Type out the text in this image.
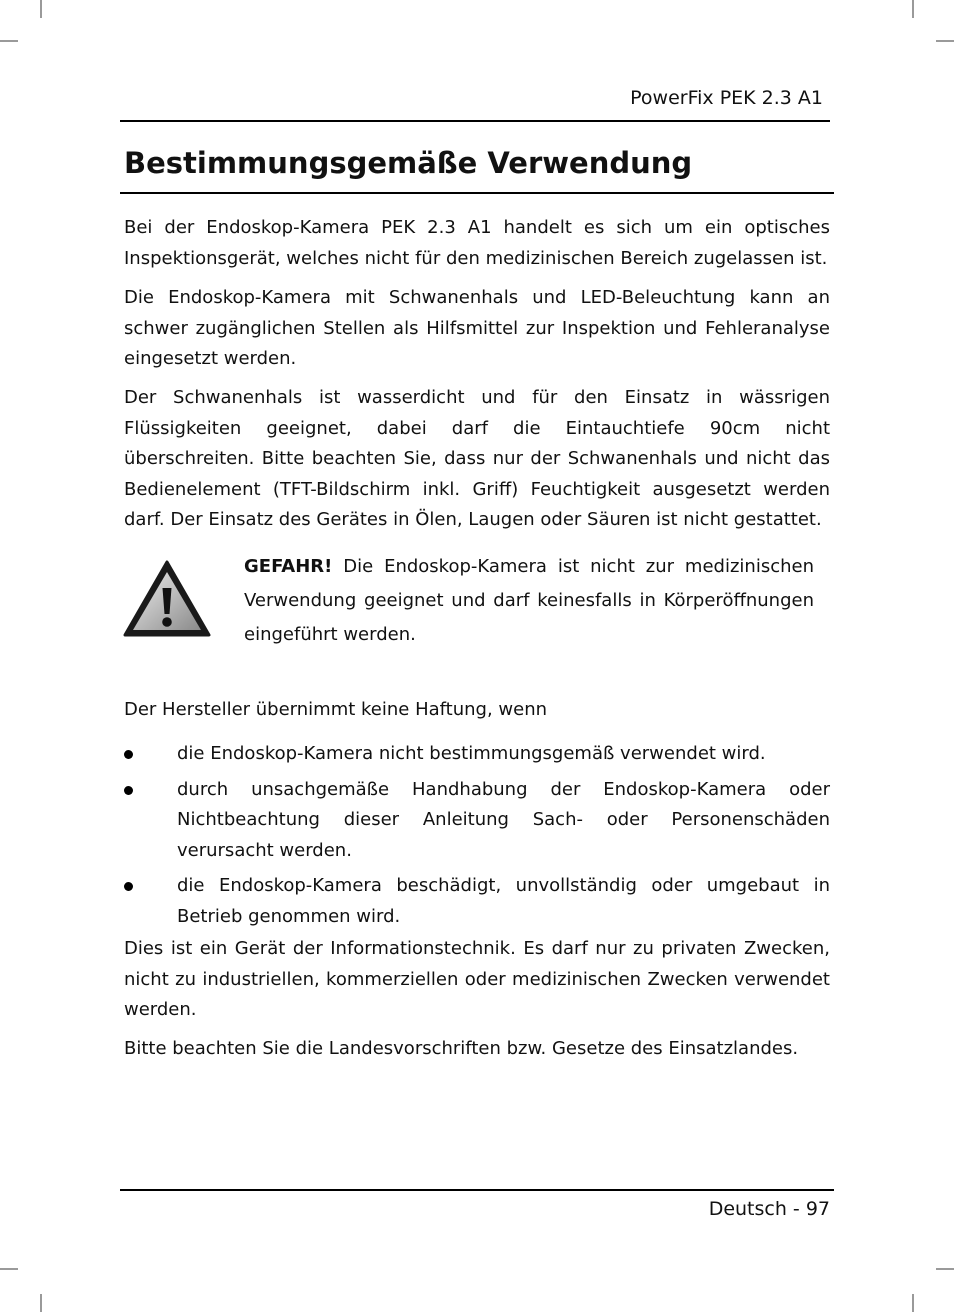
PowerFix PEK 2.3 A1
Bestimmungsgemäße Verwendung

Bei der Endoskop-Kamera PEK 2.3 A1 handelt es sich um ein optisches Inspektionsgerät, welches nicht für den medizinischen Bereich zugelassen ist.

Die Endoskop-Kamera mit Schwanenhals und LED-Beleuchtung kann an schwer zugänglichen Stellen als Hilfsmittel zur Inspektion und Fehleranalyse eingesetzt werden.

Der Schwanenhals ist wasserdicht und für den Einsatz in wässrigen Flüssigkeiten geeignet, dabei darf die Eintauchtiefe 90cm nicht überschreiten. Bitte beachten Sie, dass nur der Schwanenhals und nicht das Bedienelement (TFT-Bildschirm inkl. Griff) Feuchtigkeit ausgesetzt werden darf. Der Einsatz des Gerätes in Ölen, Laugen oder Säuren ist nicht gestattet.

GEFAHR! Die Endoskop-Kamera ist nicht zur medizinischen Verwendung geeignet und darf keinesfalls in Körperöffnungen eingeführt werden.

Der Hersteller übernimmt keine Haftung, wenn

die Endoskop-Kamera nicht bestimmungsgemäß verwendet wird.
durch unsachgemäße Handhabung der Endoskop-Kamera oder Nichtbeachtung dieser Anleitung Sach- oder Personenschäden verursacht werden.
die Endoskop-Kamera beschädigt, unvollständig oder umgebaut in Betrieb genommen wird.

Dies ist ein Gerät der Informationstechnik. Es darf nur zu privaten Zwecken, nicht zu industriellen, kommerziellen oder medizinischen Zwecken verwendet werden.

Bitte beachten Sie die Landesvorschriften bzw. Gesetze des Einsatzlandes.

Deutsch - 97
